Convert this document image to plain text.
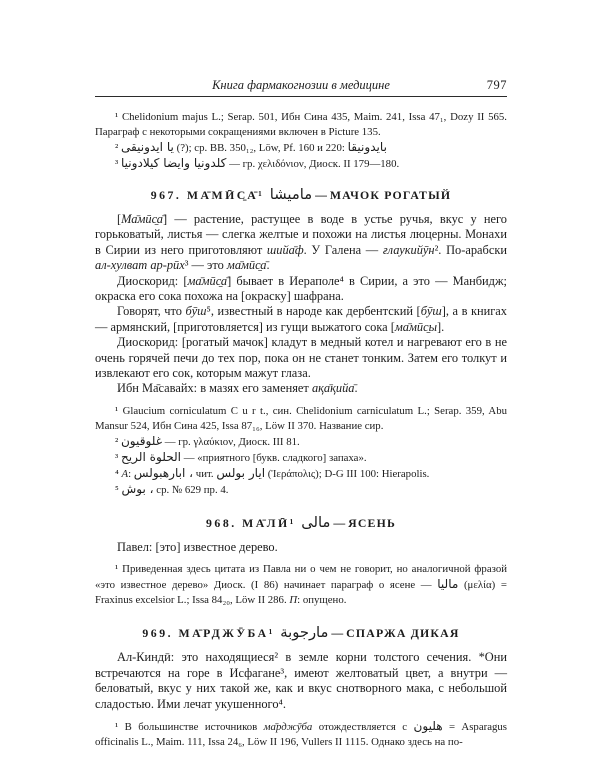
Книга фармакогнозии в медицине	797

¹ Chelidonium majus L.; Serap. 501, Ибн Сина 435, Maim. 241, Issa 47₁, Dozy II 565. Параграф с некоторыми сокращениями включен в Picture 135.

² يا ايدونيقى (?); ср. BB. 350₁₂, Löw, Pf. 160 и 220: بايدونيقا

³ كلدونيا وايضا كيلادونيا — гр. χελιδόνιον, Диоск. II 179—180.

967. МА̄МӢС̱А̄¹ ماميشا — МАЧОК РОГАТЫЙ

[Ма̄мӣс̱а̄] — растение, растущее в воде в устье ручья, вкус у него горьковатый, листья — слегка желтые и похожи на листья люцерны. Монахи в Сирии из него приготовляют шийа̄ф. У Галена — ғлаукийӯн². По-арабски ал-хулват ар-рӣх³ — это ма̄мӣс̱а̄.

Диоскорид: [ма̄мӣс̱а̄] бывает в Иераполе⁴ в Сирии, а это — Манбидж; окраска его сока похожа на [окраску] шафрана.

Говорят, что бӯш⁵, известный в народе как дербентский [бӯш], а в книгах — армянский, [приготовляется] из гущи выжатого сока [ма̄мӣс̱ы].

Диоскорид: [рогатый мачок] кладут в медный котел и нагревают его в не очень горячей печи до тех пор, пока он не станет тонким. Затем его толкут и извлекают его сок, которым мажут глаза.

Ибн Ма̄савайх: в мазях его заменяет ақа̄қийа̄.

¹ Glaucium corniculatum C u r t., син. Chelidonium carniculatum L.; Serap. 359, Abu Mansur 524, Ибн Сина 425, Issa 87₁₆, Löw II 370. Название сир.

² غلوقيون — гр. γλαύκιον, Диоск. III 81.

³ الحلوة الريح — «приятного [букв. сладкого] запаха».

⁴ А: ابارهبولس ، чит. ايار بولس (Ἱεράπολις); D-G III 100: Hierapolis.

⁵ بوش ، ср. № 629 пр. 4.

968. МА̄ЛӢ¹ مالى — ЯСЕНЬ

Павел: [это] известное дерево.

¹ Приведенная здесь цитата из Павла ни о чем не говорит, но аналогичной фразой «это известное дерево» Диоск. (I 86) начинает параграф о ясене — ماليا (μελία) = Fraxinus excelsior L.; Issa 84₂₀, Löw II 286. П: опущено.

969. МА̄РДЖӮБА¹ مارجوبة — СПАРЖА ДИКАЯ

Ал-Киндӣ: это находящиеся² в земле корни толстого сечения. *Они встречаются на горе в Исфагане³, имеют желтоватый цвет, а внутри — беловатый, вкус у них такой же, как и вкус снотворного мака, с небольшой сладостью. Ими лечат укушенного⁴.

¹ В большинстве источников ма̄рджӯба отождествляется с هليون = Asparagus officinalis L., Maim. 111, Issa 24₆, Löw II 196, Vullers II 1115. Однако здесь на по-
